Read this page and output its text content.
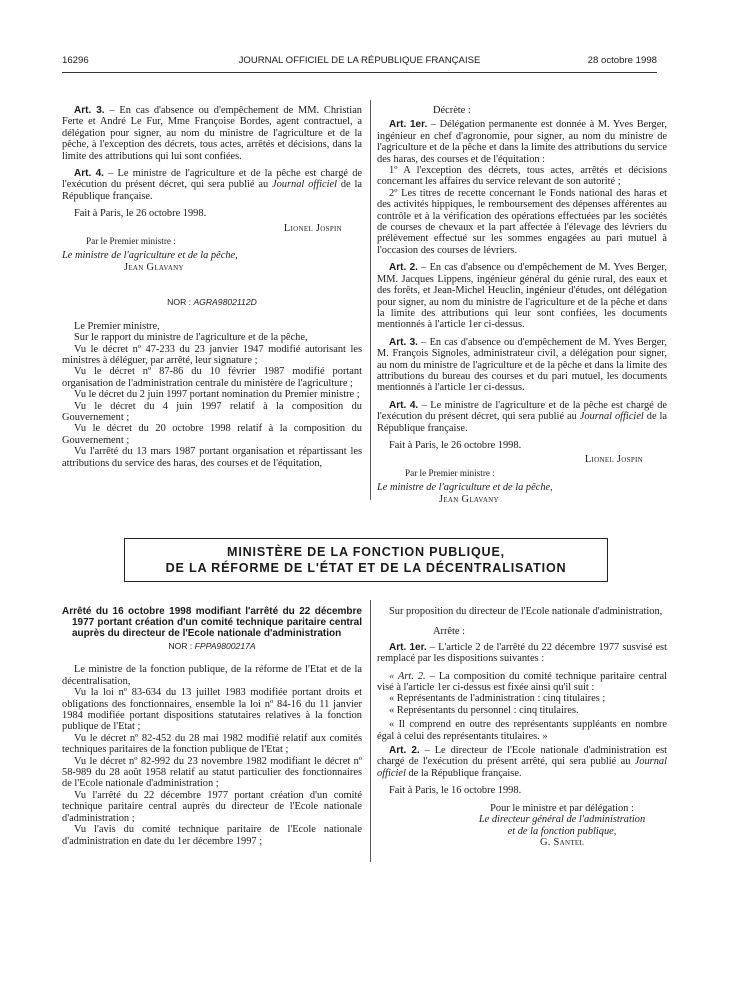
16296	JOURNAL OFFICIEL DE LA RÉPUBLIQUE FRANÇAISE	28 octobre 1998

Art. 3. – En cas d'absence ou d'empêchement de MM. Christian Ferte et André Le Fur, Mme Françoise Bordes, agent contractuel, a délégation pour signer, au nom du ministre de l'agriculture et de la pêche, à l'exception des décrets, tous actes, arrêtés et décisions, dans la limite des attributions qui lui sont confiées.

Art. 4. – Le ministre de l'agriculture et de la pêche est chargé de l'exécution du présent décret, qui sera publié au Journal officiel de la République française.

Fait à Paris, le 26 octobre 1998.

Lionel Jospin

Par le Premier ministre :

Le ministre de l'agriculture et de la pêche,

Jean Glavany

NOR : AGRA9802112D

Le Premier ministre,

Sur le rapport du ministre de l'agriculture et de la pêche,

Vu le décret nº 47-233 du 23 janvier 1947 modifié autorisant les ministres à déléguer, par arrêté, leur signature ;

Vu le décret nº 87-86 du 10 février 1987 modifié portant organisation de l'administration centrale du ministère de l'agriculture ;

Vu le décret du 2 juin 1997 portant nomination du Premier ministre ;

Vu le décret du 4 juin 1997 relatif à la composition du Gouvernement ;

Vu le décret du 20 octobre 1998 relatif à la composition du Gouvernement ;

Vu l'arrêté du 13 mars 1987 portant organisation et répartissant les attributions du service des haras, des courses et de l'équitation,

Décrète :

Art. 1er. – Délégation permanente est donnée à M. Yves Berger, ingénieur en chef d'agronomie, pour signer, au nom du ministre de l'agriculture et de la pêche et dans la limite des attributions du service des haras, des courses et de l'équitation :

1º A l'exception des décrets, tous actes, arrêtés et décisions concernant les affaires du service relevant de son autorité ;

2º Les titres de recette concernant le Fonds national des haras et des activités hippiques, le remboursement des dépenses afférentes au contrôle et à la vérification des opérations effectuées par les sociétés de courses de chevaux et la part affectée à l'élevage des lévriers du prélèvement effectué sur les sommes engagées au pari mutuel à l'occasion des courses de lévriers.

Art. 2. – En cas d'absence ou d'empêchement de M. Yves Berger, MM. Jacques Lippens, ingénieur général du génie rural, des eaux et des forêts, et Jean-Michel Heuclin, ingénieur d'études, ont délégation pour signer, au nom du ministre de l'agriculture et de la pêche et dans la limite des attributions qui leur sont confiées, les documents mentionnés à l'article 1er ci-dessus.

Art. 3. – En cas d'absence ou d'empêchement de M. Yves Berger, M. François Signoles, administrateur civil, a délégation pour signer, au nom du ministre de l'agriculture et de la pêche et dans la limite des attributions du bureau des courses et du pari mutuel, les documents mentionnés à l'article 1er ci-dessus.

Art. 4. – Le ministre de l'agriculture et de la pêche est chargé de l'exécution du présent décret, qui sera publié au Journal officiel de la République française.

Fait à Paris, le 26 octobre 1998.

Lionel Jospin

Par le Premier ministre :

Le ministre de l'agriculture et de la pêche,

Jean Glavany

MINISTÈRE DE LA FONCTION PUBLIQUE,
DE LA RÉFORME DE L'ÉTAT ET DE LA DÉCENTRALISATION

Arrêté du 16 octobre 1998 modifiant l'arrêté du 22 décembre 1977 portant création d'un comité technique paritaire central auprès du directeur de l'Ecole nationale d'administration

NOR : FPPA9800217A

Le ministre de la fonction publique, de la réforme de l'Etat et de la décentralisation,

Vu la loi nº 83-634 du 13 juillet 1983 modifiée portant droits et obligations des fonctionnaires, ensemble la loi nº 84-16 du 11 janvier 1984 modifiée portant dispositions statutaires relatives à la fonction publique de l'Etat ;

Vu le décret nº 82-452 du 28 mai 1982 modifié relatif aux comités techniques paritaires de la fonction publique de l'Etat ;

Vu le décret nº 82-992 du 23 novembre 1982 modifiant le décret nº 58-989 du 28 août 1958 relatif au statut particulier des fonctionnaires de l'Ecole nationale d'administration ;

Vu l'arrêté du 22 décembre 1977 portant création d'un comité technique paritaire central auprès du directeur de l'Ecole nationale d'administration ;

Vu l'avis du comité technique paritaire de l'Ecole nationale d'administration en date du 1er décembre 1997 ;

Sur proposition du directeur de l'Ecole nationale d'administration,

Arrête :

Art. 1er. – L'article 2 de l'arrêté du 22 décembre 1977 susvisé est remplacé par les dispositions suivantes :

« Art. 2. – La composition du comité technique paritaire central visé à l'article 1er ci-dessus est fixée ainsi qu'il suit :

« Représentants de l'administration : cinq titulaires ;

« Représentants du personnel : cinq titulaires.

« Il comprend en outre des représentants suppléants en nombre égal à celui des représentants titulaires. »

Art. 2. – Le directeur de l'Ecole nationale d'administration est chargé de l'exécution du présent arrêté, qui sera publié au Journal officiel de la République française.

Fait à Paris, le 16 octobre 1998.

Pour le ministre et par délégation :

Le directeur général de l'administration

et de la fonction publique,

G. Santel
